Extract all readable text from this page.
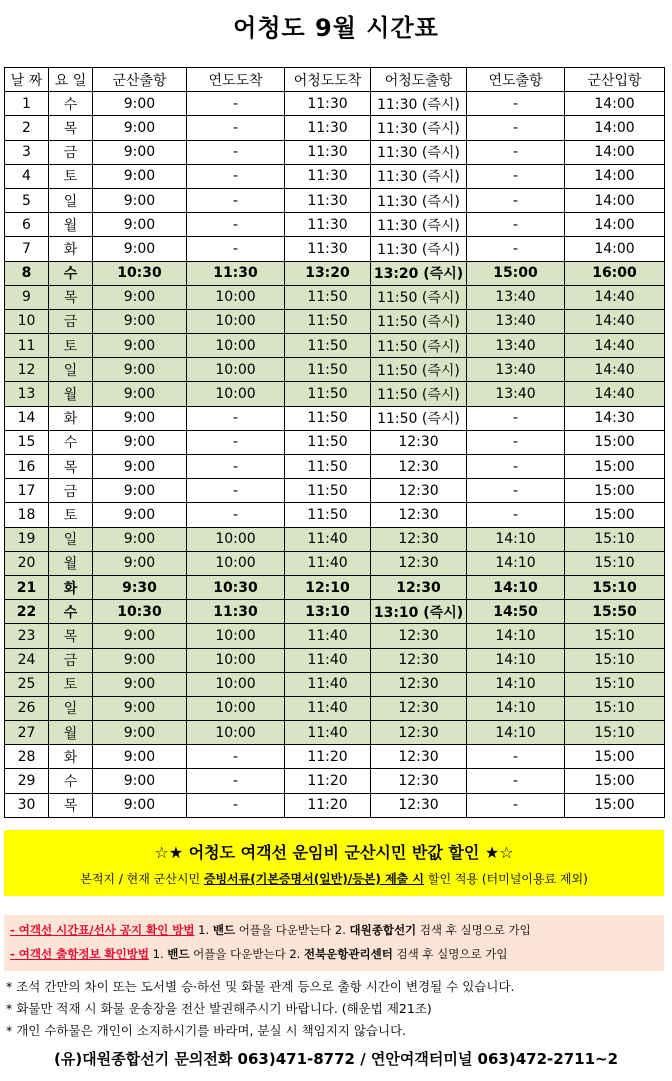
어청도 9월 시간표
날 짜	요 일	군산출항	연도도착	어청도도착	어청도출항	연도출항	군산입항
1	수	9:00	-	11:30	11:30 (즉시)	-	14:00
2	목	9:00	-	11:30	11:30 (즉시)	-	14:00
3	금	9:00	-	11:30	11:30 (즉시)	-	14:00
4	토	9:00	-	11:30	11:30 (즉시)	-	14:00
5	일	9:00	-	11:30	11:30 (즉시)	-	14:00
6	월	9:00	-	11:30	11:30 (즉시)	-	14:00
7	화	9:00	-	11:30	11:30 (즉시)	-	14:00
8	수	10:30	11:30	13:20	13:20 (즉시)	15:00	16:00
9	목	9:00	10:00	11:50	11:50 (즉시)	13:40	14:40
10	금	9:00	10:00	11:50	11:50 (즉시)	13:40	14:40
11	토	9:00	10:00	11:50	11:50 (즉시)	13:40	14:40
12	일	9:00	10:00	11:50	11:50 (즉시)	13:40	14:40
13	월	9:00	10:00	11:50	11:50 (즉시)	13:40	14:40
14	화	9:00	-	11:50	11:50 (즉시)	-	14:30
15	수	9:00	-	11:50	12:30	-	15:00
16	목	9:00	-	11:50	12:30	-	15:00
17	금	9:00	-	11:50	12:30	-	15:00
18	토	9:00	-	11:50	12:30	-	15:00
19	일	9:00	10:00	11:40	12:30	14:10	15:10
20	월	9:00	10:00	11:40	12:30	14:10	15:10
21	화	9:30	10:30	12:10	12:30	14:10	15:10
22	수	10:30	11:30	13:10	13:10 (즉시)	14:50	15:50
23	목	9:00	10:00	11:40	12:30	14:10	15:10
24	금	9:00	10:00	11:40	12:30	14:10	15:10
25	토	9:00	10:00	11:40	12:30	14:10	15:10
26	일	9:00	10:00	11:40	12:30	14:10	15:10
27	월	9:00	10:00	11:40	12:30	14:10	15:10
28	화	9:00	-	11:20	12:30	-	15:00
29	수	9:00	-	11:20	12:30	-	15:00
30	목	9:00	-	11:20	12:30	-	15:00
☆★ 어청도 여객선 운임비 군산시민 반값 할인 ★☆
본적지 / 현재 군산시민 증빙서류(기본증명서(일반)/등본) 제출 시 할인 적용 (터미널이용료 제외)
- 여객선 시간표/선사 공지 확인 방법 1. 밴드 어플을 다운받는다 2. 대원종합선기 검색 후 실명으로 가입
- 여객선 출항정보 확인방법 1. 밴드 어플을 다운받는다 2. 전북운항관리센터 검색 후 실명으로 가입
* 조석 간만의 차이 또는 도서별 승·하선 및 화물 관계 등으로 출항 시간이 변경될 수 있습니다.
* 화물만 적재 시 화물 운송장을 전산 발권해주시기 바랍니다. (해운법 제21조)
* 개인 수하물은 개인이 소지하시기를 바라며, 분실 시 책임지지 않습니다.
(유)대원종합선기 문의전화 063)471-8772 / 연안여객터미널 063)472-2711~2
